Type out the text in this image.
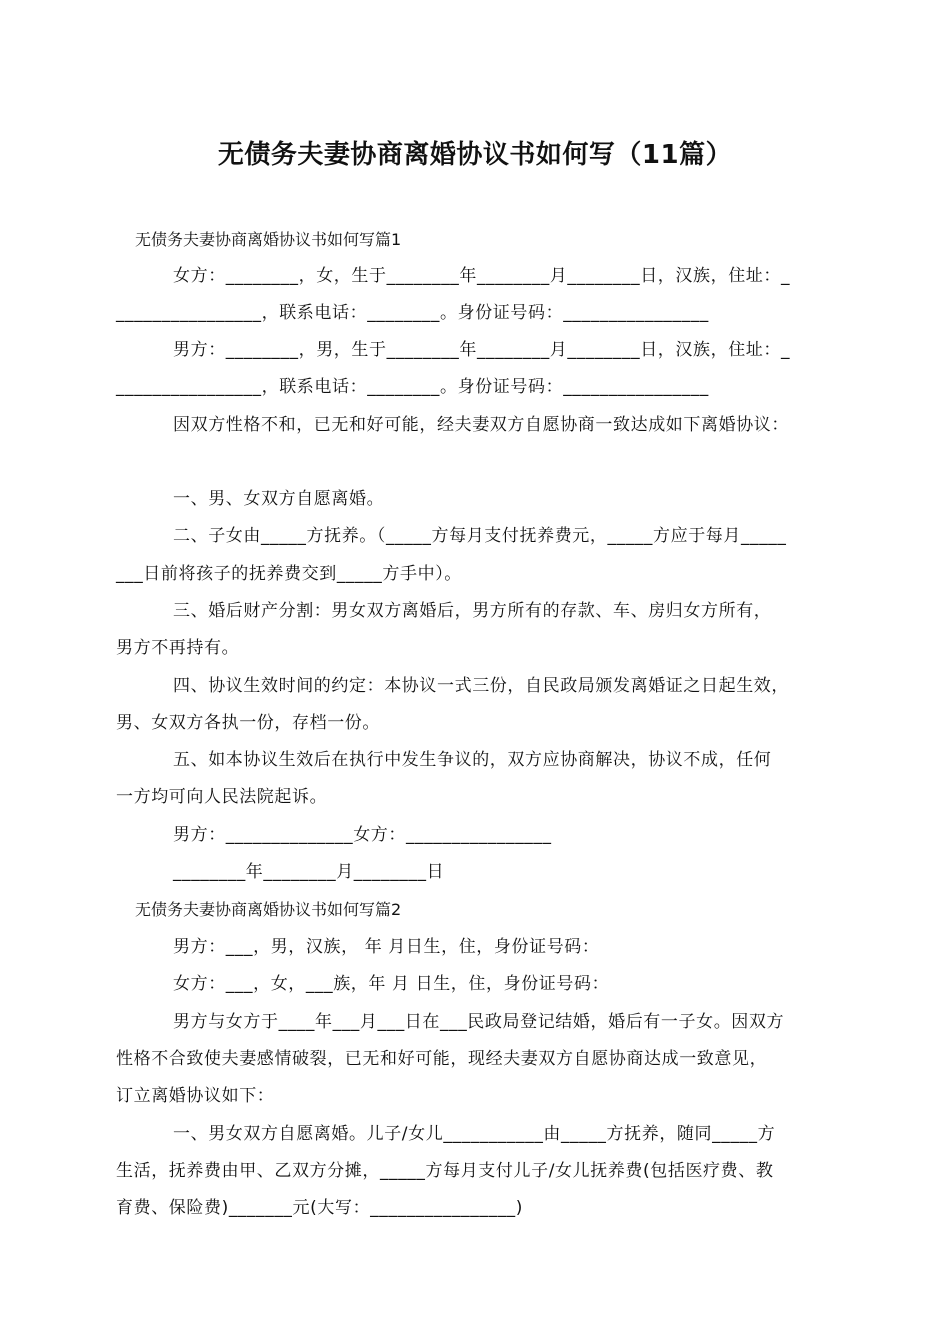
无债务夫妻协商离婚协议书如何写（11篇）
无债务夫妻协商离婚协议书如何写篇1
女方：________，女，生于________年________月________日，汉族，住址：_
________________，联系电话：________。身份证号码：________________
男方：________，男，生于________年________月________日，汉族，住址：_
________________，联系电话：________。身份证号码：________________
因双方性格不和，已无和好可能，经夫妻双方自愿协商一致达成如下离婚协议：
一、男、女双方自愿离婚。
二、子女由_____方抚养。（_____方每月支付抚养费元，_____方应于每月_____
___日前将孩子的抚养费交到_____方手中）。
三、婚后财产分割：男女双方离婚后，男方所有的存款、车、房归女方所有，
男方不再持有。
四、协议生效时间的约定：本协议一式三份，自民政局颁发离婚证之日起生效，
男、女双方各执一份，存档一份。
五、如本协议生效后在执行中发生争议的，双方应协商解决，协议不成，任何
一方均可向人民法院起诉。
男方：______________女方：________________
________年________月________日
无债务夫妻协商离婚协议书如何写篇2
男方：___，男，汉族， 年 月日生，住，身份证号码：
女方：___，女，___族，年 月 日生，住，身份证号码：
男方与女方于____年___月___日在___民政局登记结婚，婚后有一子女。因双方
性格不合致使夫妻感情破裂，已无和好可能，现经夫妻双方自愿协商达成一致意见，
订立离婚协议如下：
一、男女双方自愿离婚。儿子/女儿___________由_____方抚养，随同_____方
生活，抚养费由甲、乙双方分摊，_____方每月支付儿子/女儿抚养费(包括医疗费、教
育费、保险费)_______元(大写：________________)
